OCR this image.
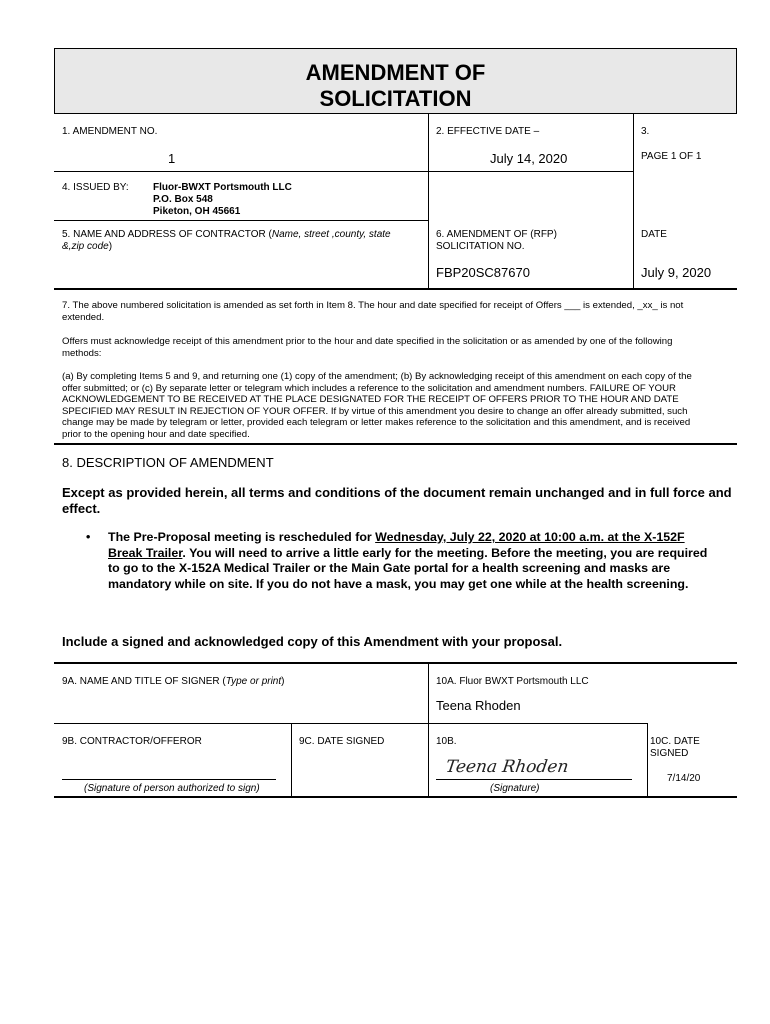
AMENDMENT OF
SOLICITATION
1. AMENDMENT NO.
1
2. EFFECTIVE DATE –
July 14, 2020
3.
PAGE 1 OF 1
4. ISSUED BY: Fluor-BWXT Portsmouth LLC
P.O. Box 548
Piketon, OH 45661
5. NAME AND ADDRESS OF CONTRACTOR (Name, street ,county, state
&,zip code)
6. AMENDMENT OF (RFP)
SOLICITATION NO.
FBP20SC87670
DATE
July 9, 2020
7. The above numbered solicitation is amended as set forth in Item 8. The hour and date specified for receipt of Offers ___ is extended, _xx_ is not
extended.
Offers must acknowledge receipt of this amendment prior to the hour and date specified in the solicitation or as amended by one of the following
methods:
(a) By completing Items 5 and 9, and returning one (1) copy of the amendment; (b) By acknowledging receipt of this amendment on each copy of the
offer submitted; or (c) By separate letter or telegram which includes a reference to the solicitation and amendment numbers. FAILURE OF YOUR
ACKNOWLEDGEMENT TO BE RECEIVED AT THE PLACE DESIGNATED FOR THE RECEIPT OF OFFERS PRIOR TO THE HOUR AND DATE
SPECIFIED MAY RESULT IN REJECTION OF YOUR OFFER. If by virtue of this amendment you desire to change an offer already submitted, such
change may be made by telegram or letter, provided each telegram or letter makes reference to the solicitation and this amendment, and is received
prior to the opening hour and date specified.
8. DESCRIPTION OF AMENDMENT
Except as provided herein, all terms and conditions of the document remain unchanged and in full force and
effect.
• The Pre-Proposal meeting is rescheduled for Wednesday, July 22, 2020 at 10:00 a.m. at the X-152F
Break Trailer. You will need to arrive a little early for the meeting. Before the meeting, you are required
to go to the X-152A Medical Trailer or the Main Gate portal for a health screening and masks are
mandatory while on site. If you do not have a mask, you may get one while at the health screening.
Include a signed and acknowledged copy of this Amendment with your proposal.
9A. NAME AND TITLE OF SIGNER (Type or print)	10A. Fluor BWXT Portsmouth LLC
Teena Rhoden
9B. CONTRACTOR/OFFEROR
(Signature of person authorized to sign)
9C. DATE SIGNED	10B.
Teena Rhoden
(Signature)
10C. DATE
SIGNED
7/14/20
